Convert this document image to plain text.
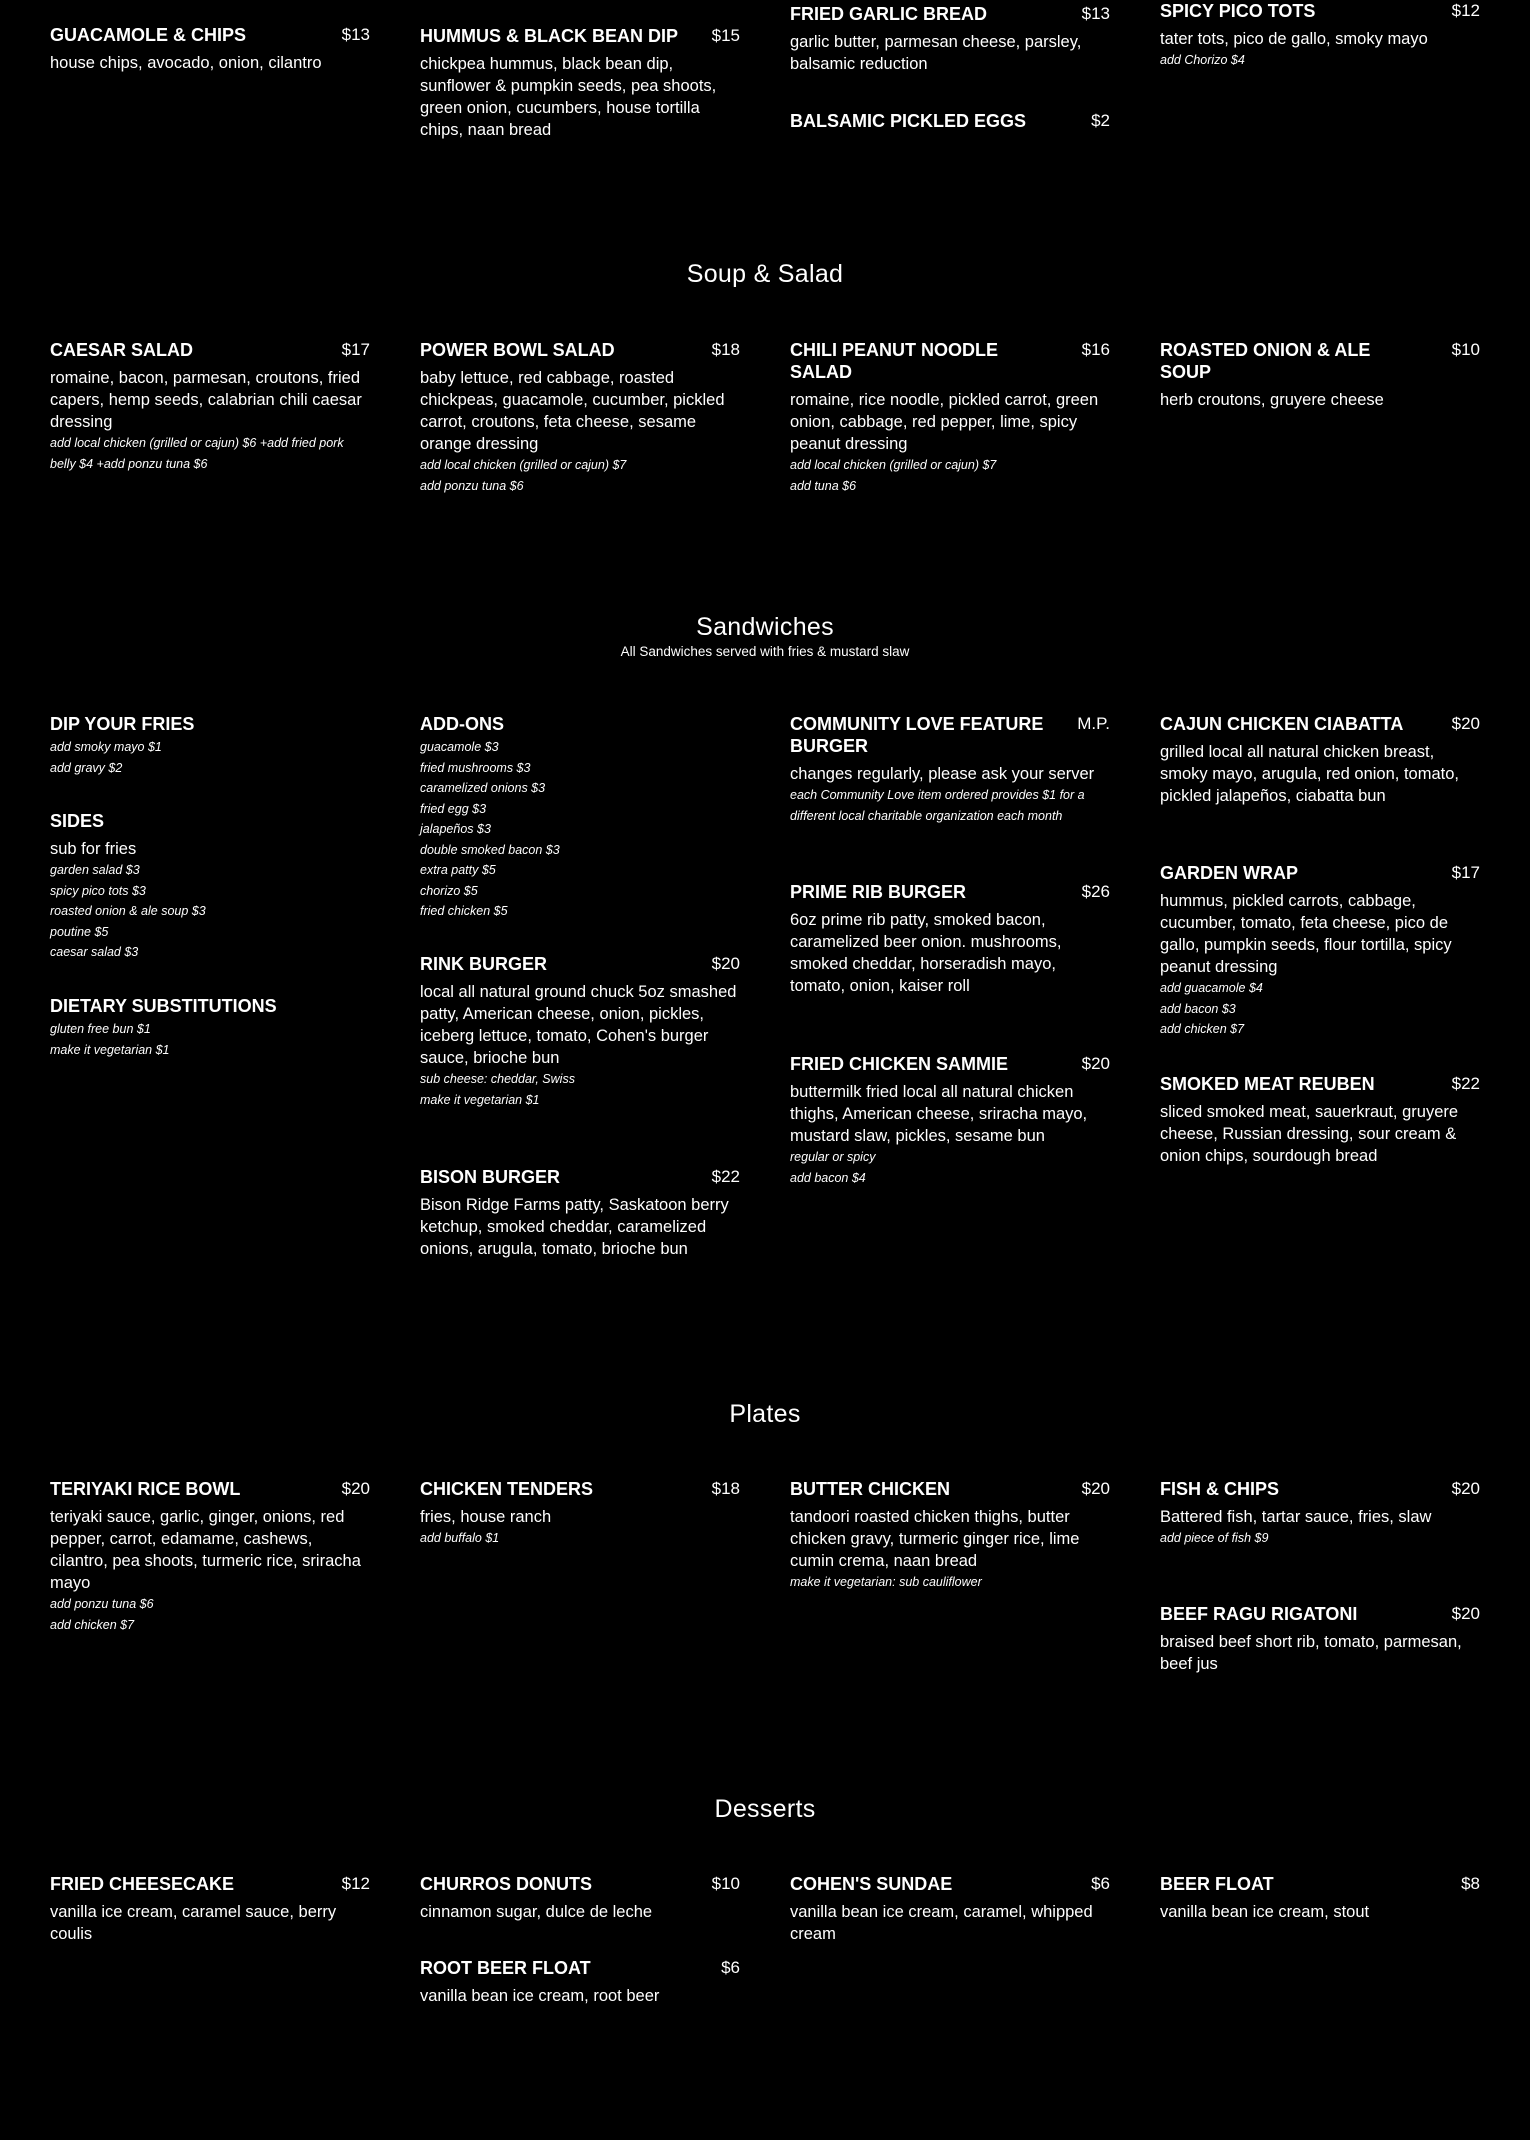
Soup & Salad
Sandwiches
All Sandwiches served with fries & mustard slaw
Plates
Desserts
GUACAMOLE & CHIPS	$13
house chips, avocado, onion, cilantro
HUMMUS & BLACK BEAN DIP	$15
chickpea hummus, black bean dip, sunflower & pumpkin seeds, pea shoots, green onion, cucumbers, house tortilla chips, naan bread
FRIED GARLIC BREAD	$13
garlic butter, parmesan cheese, parsley, balsamic reduction
BALSAMIC PICKLED EGGS	$2
SPICY PICO TOTS	$12
tater tots, pico de gallo, smoky mayo
add Chorizo $4
CAESAR SALAD	$17
romaine, bacon, parmesan, croutons, fried capers, hemp seeds, calabrian chili caesar dressing
add local chicken (grilled or cajun) $6 +add fried pork belly $4 +add ponzu tuna $6
POWER BOWL SALAD	$18
baby lettuce, red cabbage, roasted chickpeas, guacamole, cucumber, pickled carrot, croutons, feta cheese, sesame orange dressing
add local chicken (grilled or cajun) $7
add ponzu tuna $6
CHILI PEANUT NOODLE SALAD
$16
romaine, rice noodle, pickled carrot, green onion, cabbage, red pepper, lime, spicy peanut dressing
add local chicken (grilled or cajun) $7
add tuna $6
ROASTED ONION & ALE SOUP
$10
herb croutons, gruyere cheese
DIP YOUR FRIES
add smoky mayo $1
add gravy $2
SIDES
sub for fries
garden salad $3
spicy pico tots $3
roasted onion & ale soup $3
poutine $5
caesar salad $3
DIETARY SUBSTITUTIONS
gluten free bun $1
make it vegetarian $1
ADD-ONS
guacamole $3
fried mushrooms $3
caramelized onions $3
fried egg $3
jalapeños $3
double smoked bacon $3
extra patty $5
chorizo $5
fried chicken $5
RINK BURGER	$20
local all natural ground chuck 5oz smashed patty, American cheese, onion, pickles, iceberg lettuce, tomato, Cohen's burger sauce, brioche bun
sub cheese: cheddar, Swiss
make it vegetarian $1
BISON BURGER	$22
Bison Ridge Farms patty, Saskatoon berry ketchup, smoked cheddar, caramelized onions, arugula, tomato, brioche bun
COMMUNITY LOVE FEATURE BURGER
M.P.
changes regularly, please ask your server
each Community Love item ordered provides $1 for a different local charitable organization each month
PRIME RIB BURGER	$26
6oz prime rib patty, smoked bacon, caramelized beer onion. mushrooms, smoked cheddar, horseradish mayo, tomato, onion, kaiser roll
FRIED CHICKEN SAMMIE	$20
buttermilk fried local all natural chicken thighs, American cheese, sriracha mayo, mustard slaw, pickles, sesame bun
regular or spicy
add bacon $4
CAJUN CHICKEN CIABATTA	$20
grilled local all natural chicken breast, smoky mayo, arugula, red onion, tomato, pickled jalapeños, ciabatta bun
GARDEN WRAP	$17
hummus, pickled carrots, cabbage, cucumber, tomato, feta cheese, pico de gallo, pumpkin seeds, flour tortilla, spicy peanut dressing
add guacamole $4
add bacon $3
add chicken $7
SMOKED MEAT REUBEN	$22
sliced smoked meat, sauerkraut, gruyere cheese, Russian dressing, sour cream & onion chips, sourdough bread
TERIYAKI RICE BOWL	$20
teriyaki sauce, garlic, ginger, onions, red pepper, carrot, edamame, cashews, cilantro, pea shoots, turmeric rice, sriracha mayo
add ponzu tuna $6
add chicken $7
CHICKEN TENDERS	$18
fries, house ranch
add buffalo $1
BUTTER CHICKEN	$20
tandoori roasted chicken thighs, butter chicken gravy, turmeric ginger rice, lime cumin crema, naan bread
make it vegetarian: sub cauliflower
FISH & CHIPS	$20
Battered fish, tartar sauce, fries, slaw
add piece of fish $9
BEEF RAGU RIGATONI	$20
braised beef short rib, tomato, parmesan, beef jus
FRIED CHEESECAKE	$12
vanilla ice cream, caramel sauce, berry coulis
CHURROS DONUTS	$10
cinnamon sugar, dulce de leche
ROOT BEER FLOAT	$6
vanilla bean ice cream, root beer
COHEN'S SUNDAE	$6
vanilla bean ice cream, caramel, whipped cream
BEER FLOAT	$8
vanilla bean ice cream, stout
